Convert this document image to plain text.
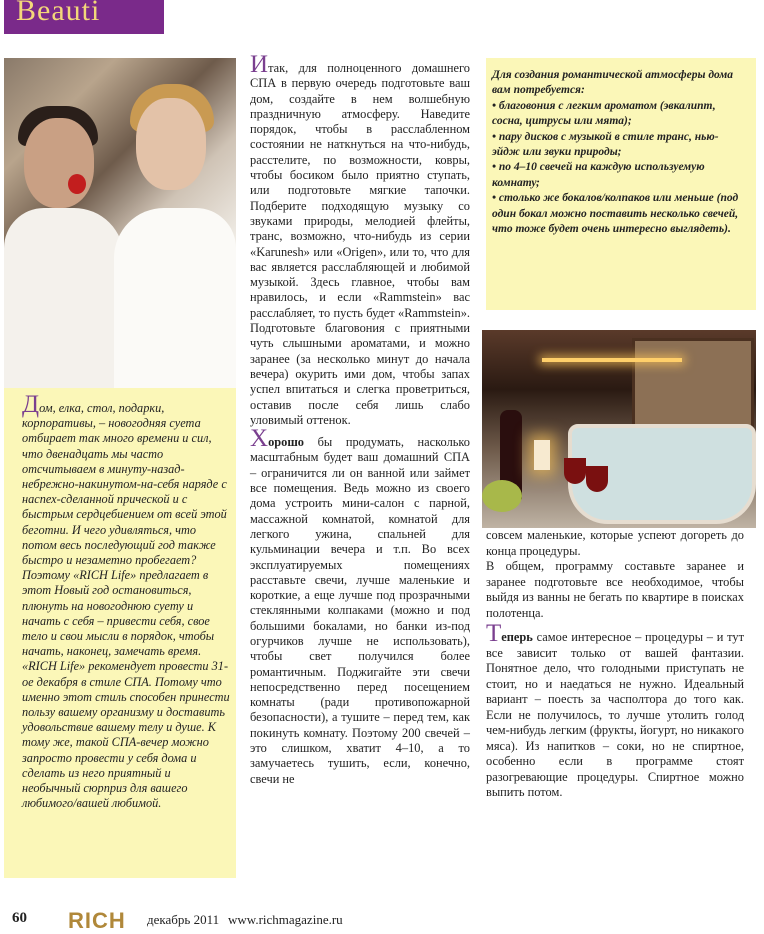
Beauti
Дом, елка, стол, подарки, корпоративы, – новогодняя суета отбирает так много времени и сил, что двенадцать мы часто отсчитываем в минуту-назад-небрежно-накинутом-на-себя наряде с наспех-сделанной прической и с быстрым сердцебиением от всей этой беготни. И чего удивляться, что потом весь последующий год также быстро и незаметно пробегает? Поэтому «RICH Life» предлагает в этот Новый год остановиться, плюнуть на новогоднюю суету и начать с себя – привести себя, свое тело и свои мысли в порядок, чтобы начать, наконец, замечать время. «RICH Life» рекомендует провести 31-ое декабря в стиле СПА. Потому что именно этот стиль способен принести пользу вашему организму и доставить удовольствие вашему телу и душе. К тому же, такой СПА-вечер можно запросто провести у себя дома и сделать из него приятный и необычный сюрприз для вашего любимого/вашей любимой.

Итак, для полноценного домашнего СПА в первую очередь подготовьте ваш дом, создайте в нем волшебную праздничную атмосферу. Наведите порядок, чтобы в расслабленном состоянии не наткнуться на что-нибудь, расстелите, по возможности, ковры, чтобы босиком было приятно ступать, или подготовьте мягкие тапочки. Подберите подходящую музыку со звуками природы, мелодией флейты, транс, возможно, что-нибудь из серии «Karunesh» или «Origen», или то, что для вас является расслабляющей и любимой музыкой. Здесь главное, чтобы вам нравилось, и если «Rammstein» вас расслабляет, то пусть будет «Rammstein». Подготовьте благовония с приятными чуть слышными ароматами, и можно заранее (за несколько минут до начала вечера) окурить ими дом, чтобы запах успел впитаться и слегка проветриться, оставив после себя лишь слабо уловимый оттенок.

Хорошо бы продумать, насколько масштабным будет ваш домашний СПА – ограничится ли он ванной или займет все помещения. Ведь можно из своего дома устроить мини-салон с парной, массажной комнатой, комнатой для легкого ужина, спальней для кульминации вечера и т.п. Во всех эксплуатируемых помещениях расставьте свечи, лучше маленькие и короткие, а еще лучше под прозрачными стеклянными колпаками (можно и под большими бокалами, но банки из-под огурчиков лучше не использовать), чтобы свет получился более романтичным. Поджигайте эти свечи непосредственно перед посещением комнаты (ради противопожарной безопасности), а тушите – перед тем, как покинуть комнату. Поэтому 200 свечей – это слишком, хватит 4–10, а то замучаетесь тушить, если, конечно, свечи не

Для создания романтической атмосферы дома вам потребуется:

• благовония с легким ароматом (эвкалипт, сосна, цитрусы или мята);

• пару дисков с музыкой в стиле транс, нью-эйдж или звуки природы;

• по 4–10 свечей на каждую используемую комнату;

• столько же бокалов/колпаков или меньше (под один бокал можно поставить несколько свечей, что тоже будет очень интересно выглядеть).

совсем маленькие, которые успеют догореть до конца процедуры.

В общем, программу составьте заранее и заранее подготовьте все необходимое, чтобы выйдя из ванны не бегать по квартире в поисках полотенца.

Теперь самое интересное – процедуры – и тут все зависит только от вашей фантазии. Понятное дело, что голодными приступать не стоит, но и наедаться не нужно. Идеальный вариант – поесть за часполтора до того как. Если не получилось, то лучше утолить голод чем-нибудь легким (фрукты, йогурт, но никакого мяса). Из напитков – соки, но не спиртное, особенно если в программе стоят разогревающие процедуры. Спиртное можно выпить потом.

60 RICH декабрь 2011 www.richmagazine.ru
